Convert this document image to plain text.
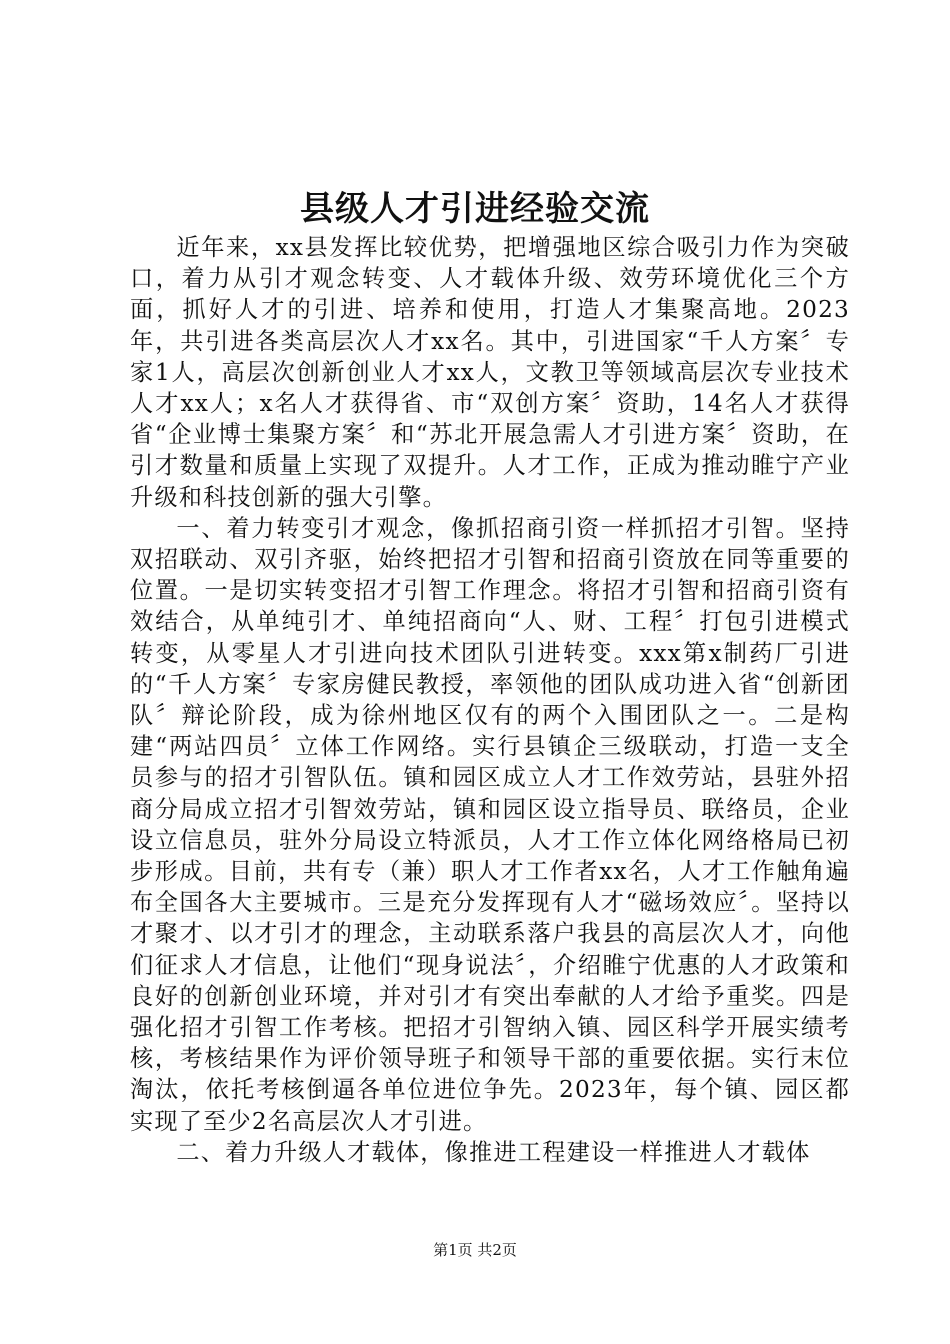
县级人才引进经验交流

近年来，xx县发挥比较优势，把增强地区综合吸引力作为突破口，着力从引才观念转变、人才载体升级、效劳环境优化三个方面，抓好人才的引进、培养和使用，打造人才集聚高地。2023年，共引进各类高层次人才xx名。其中，引进国家“千人方案〞专家1人，高层次创新创业人才xx人，文教卫等领域高层次专业技术人才xx人；x名人才获得省、市“双创方案〞资助，14名人才获得省“企业博士集聚方案〞和“苏北开展急需人才引进方案〞资助，在引才数量和质量上实现了双提升。人才工作，正成为推动睢宁产业升级和科技创新的强大引擎。

一、着力转变引才观念，像抓招商引资一样抓招才引智。坚持双招联动、双引齐驱，始终把招才引智和招商引资放在同等重要的位置。一是切实转变招才引智工作理念。将招才引智和招商引资有效结合，从单纯引才、单纯招商向“人、财、工程〞打包引进模式转变，从零星人才引进向技术团队引进转变。xxx第x制药厂引进的“千人方案〞专家房健民教授，率领他的团队成功进入省“创新团队〞辩论阶段，成为徐州地区仅有的两个入围团队之一。二是构建“两站四员〞立体工作网络。实行县镇企三级联动，打造一支全员参与的招才引智队伍。镇和园区成立人才工作效劳站，县驻外招商分局成立招才引智效劳站，镇和园区设立指导员、联络员，企业设立信息员，驻外分局设立特派员，人才工作立体化网络格局已初步形成。目前，共有专（兼）职人才工作者xx名，人才工作触角遍布全国各大主要城市。三是充分发挥现有人才“磁场效应〞。坚持以才聚才、以才引才的理念，主动联系落户我县的高层次人才，向他们征求人才信息，让他们“现身说法〞，介绍睢宁优惠的人才政策和良好的创新创业环境，并对引才有突出奉献的人才给予重奖。四是强化招才引智工作考核。把招才引智纳入镇、园区科学开展实绩考核，考核结果作为评价领导班子和领导干部的重要依据。实行末位淘汰，依托考核倒逼各单位进位争先。2023年，每个镇、园区都实现了至少2名高层次人才引进。

二、着力升级人才载体，像推进工程建设一样推进人才载体

第1页 共2页
